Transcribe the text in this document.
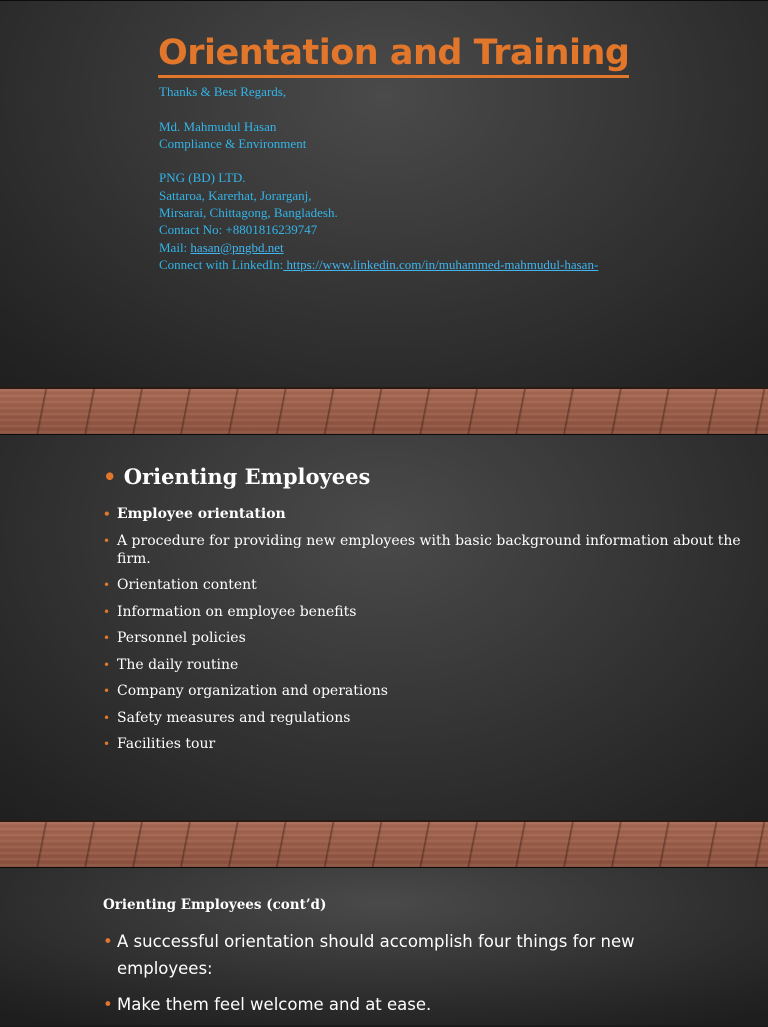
Orientation and Training
Thanks & Best Regards,
Md. Mahmudul Hasan
Compliance & Environment
PNG (BD) LTD.
Sattaroa, Karerhat, Jorarganj,
Mirsarai, Chittagong, Bangladesh.
Contact No: +8801816239747
Mail: hasan@pngbd.net
Connect with LinkedIn: https://www.linkedin.com/in/muhammed-mahmudul-hasan-
• Orienting Employees
• Employee orientation
• A procedure for providing new employees with basic background information about the firm.
• Orientation content
• Information on employee benefits
• Personnel policies
• The daily routine
• Company organization and operations
• Safety measures and regulations
• Facilities tour
Orienting Employees (cont’d)
• A successful orientation should accomplish four things for new employees:
• Make them feel welcome and at ease.
